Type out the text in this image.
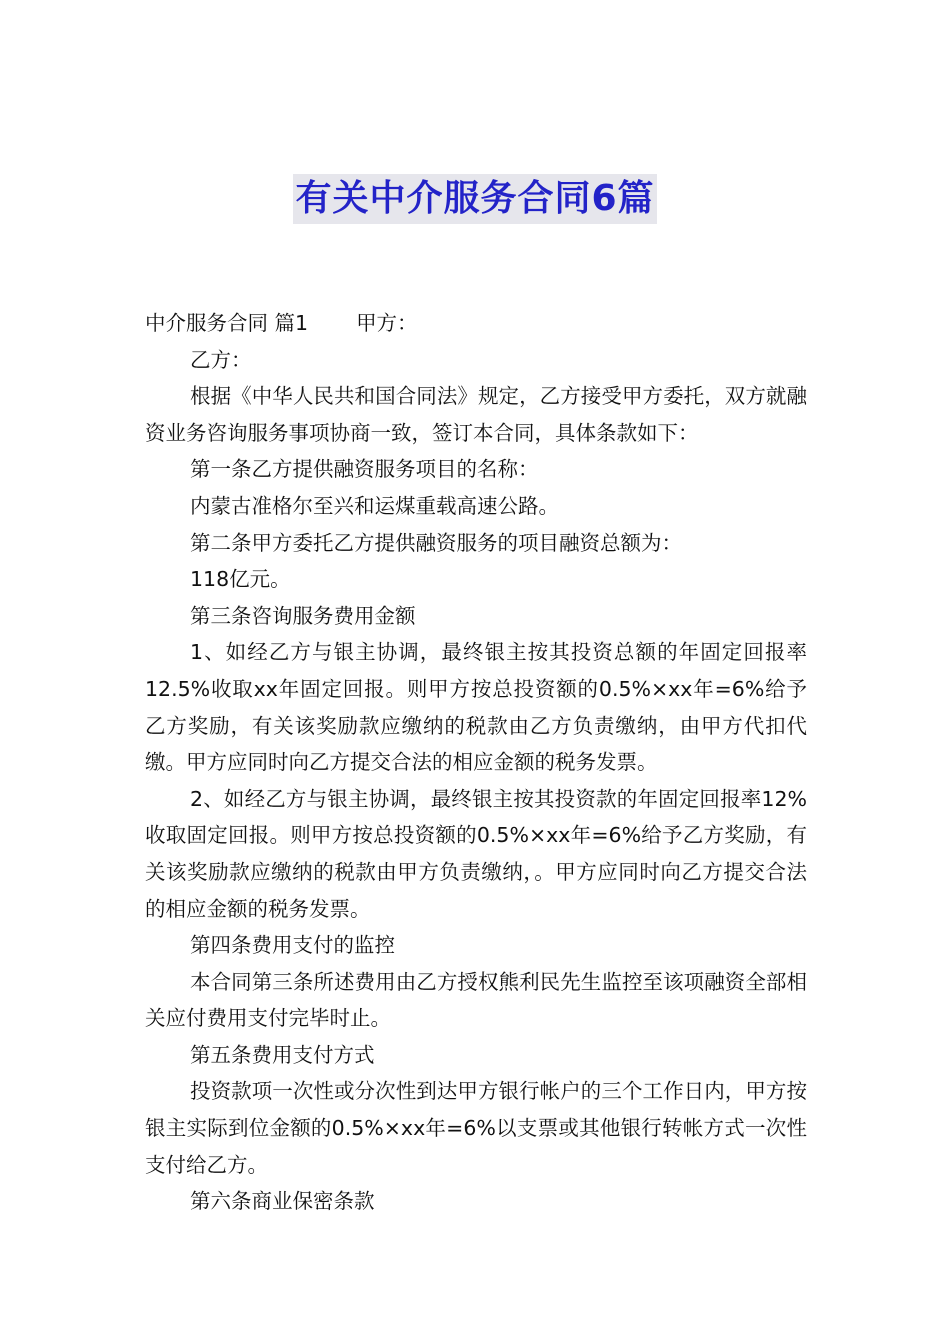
有关中介服务合同6篇

中介服务合同 篇1 甲方：

乙方：

根据《中华人民共和国合同法》规定，乙方接受甲方委托，双方就融资业务咨询服务事项协商一致，签订本合同，具体条款如下：

第一条乙方提供融资服务项目的名称：

内蒙古准格尔至兴和运煤重载高速公路。

第二条甲方委托乙方提供融资服务的项目融资总额为：

118亿元。

第三条咨询服务费用金额

1、如经乙方与银主协调，最终银主按其投资总额的年固定回报率12.5%收取xx年固定回报。则甲方按总投资额的0.5%×xx年=6%给予乙方奖励，有关该奖励款应缴纳的税款由乙方负责缴纳，由甲方代扣代缴。甲方应同时向乙方提交合法的相应金额的税务发票。

2、如经乙方与银主协调，最终银主按其投资款的年固定回报率12%收取固定回报。则甲方按总投资额的0.5%×xx年=6%给予乙方奖励，有关该奖励款应缴纳的税款由甲方负责缴纳，。甲方应同时向乙方提交合法的相应金额的税务发票。

第四条费用支付的监控

本合同第三条所述费用由乙方授权熊利民先生监控至该项融资全部相关应付费用支付完毕时止。

第五条费用支付方式

投资款项一次性或分次性到达甲方银行帐户的三个工作日内，甲方按银主实际到位金额的0.5%×xx年=6%以支票或其他银行转帐方式一次性支付给乙方。

第六条商业保密条款
